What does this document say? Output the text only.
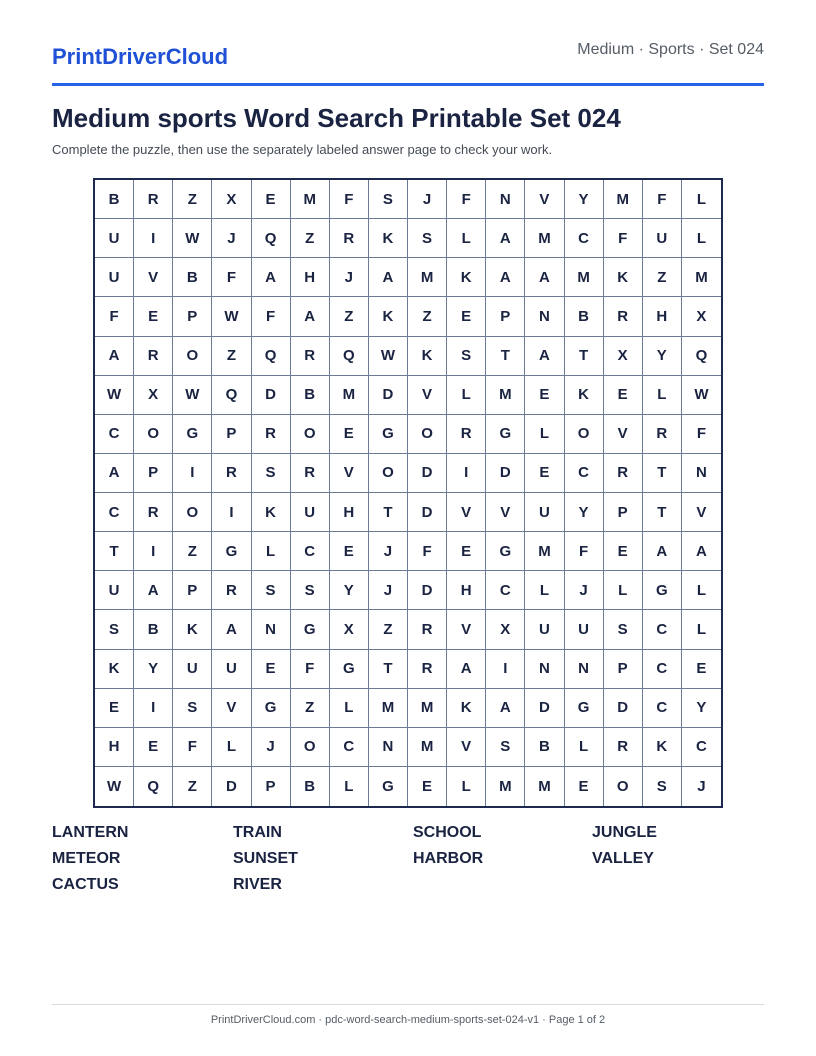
PrintDriverCloud	Medium · Sports · Set 024
Medium sports Word Search Printable Set 024
Complete the puzzle, then use the separately labeled answer page to check your work.
B	R	Z	X	E	M	F	S	J	F	N	V	Y	M	F	L
U	I	W	J	Q	Z	R	K	S	L	A	M	C	F	U	L
U	V	B	F	A	H	J	A	M	K	A	A	M	K	Z	M
F	E	P	W	F	A	Z	K	Z	E	P	N	B	R	H	X
A	R	O	Z	Q	R	Q	W	K	S	T	A	T	X	Y	Q
W	X	W	Q	D	B	M	D	V	L	M	E	K	E	L	W
C	O	G	P	R	O	E	G	O	R	G	L	O	V	R	F
A	P	I	R	S	R	V	O	D	I	D	E	C	R	T	N
C	R	O	I	K	U	H	T	D	V	V	U	Y	P	T	V
T	I	Z	G	L	C	E	J	F	E	G	M	F	E	A	A
U	A	P	R	S	S	Y	J	D	H	C	L	J	L	G	L
S	B	K	A	N	G	X	Z	R	V	X	U	U	S	C	L
K	Y	U	U	E	F	G	T	R	A	I	N	N	P	C	E
E	I	S	V	G	Z	L	M	M	K	A	D	G	D	C	Y
H	E	F	L	J	O	C	N	M	V	S	B	L	R	K	C
W	Q	Z	D	P	B	L	G	E	L	M	M	E	O	S	J
LANTERN	TRAIN	SCHOOL	JUNGLE
METEOR	SUNSET	HARBOR	VALLEY
CACTUS	RIVER
PrintDriverCloud.com · pdc-word-search-medium-sports-set-024-v1 · Page 1 of 2
